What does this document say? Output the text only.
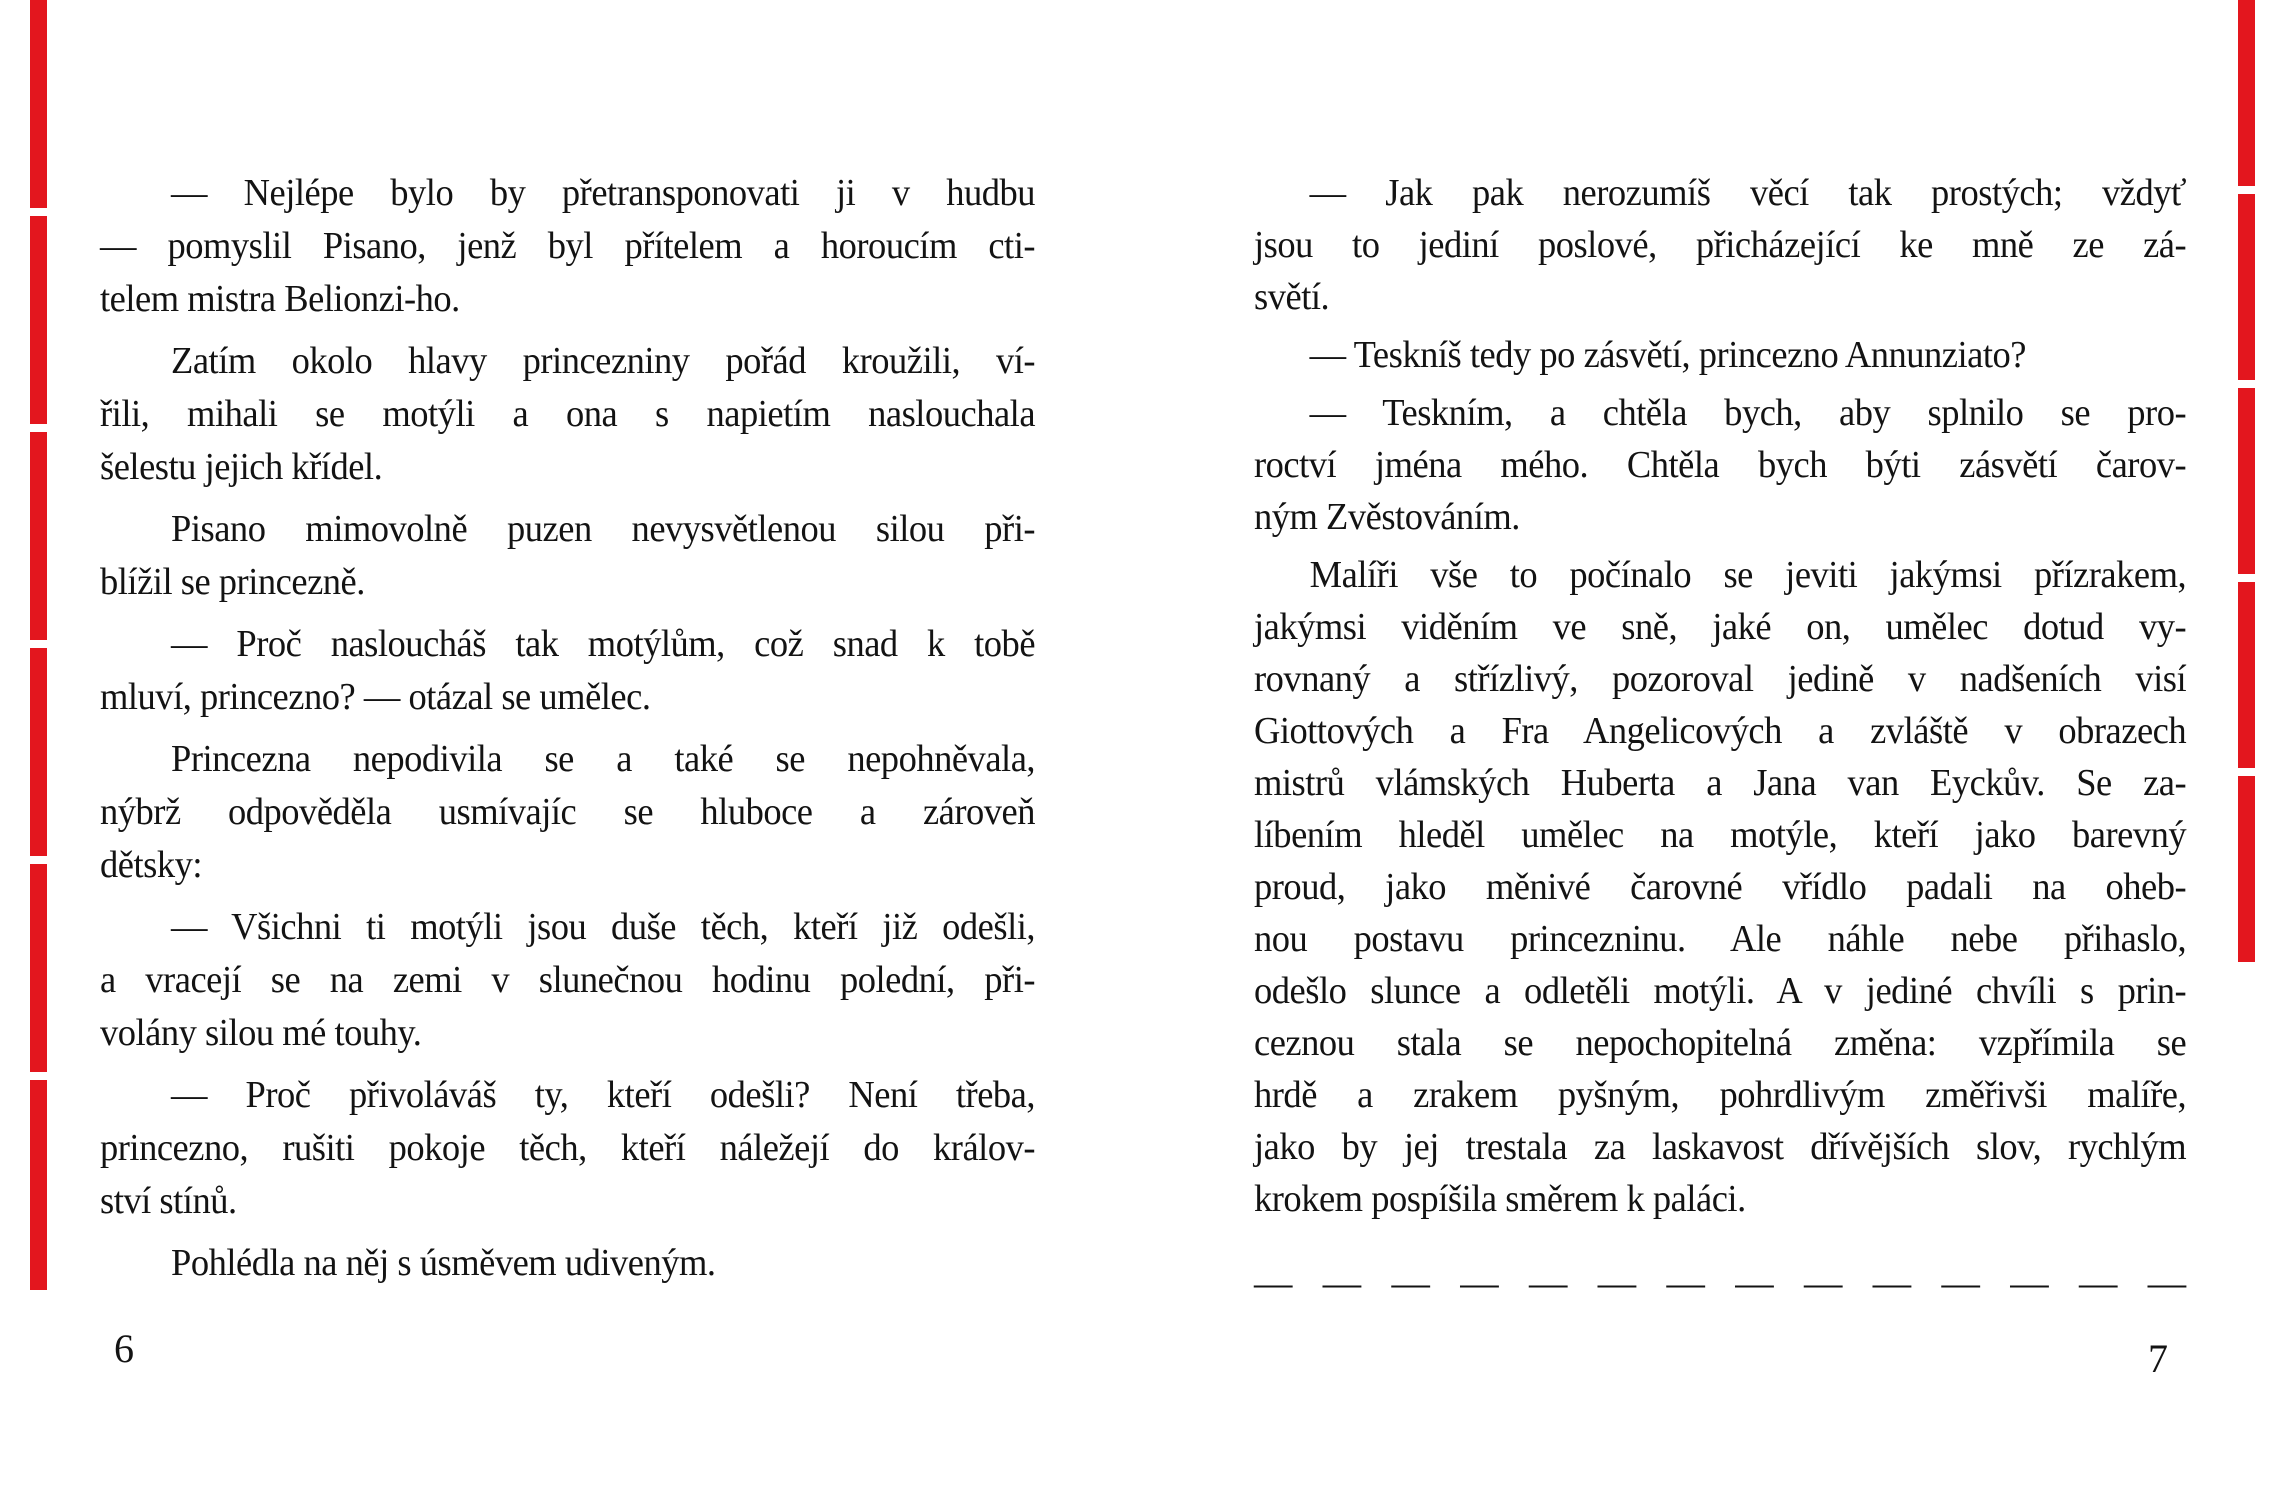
— Nejlépe bylo by přetransponovati ji v hudbu
— pomyslil Pisano, jenž byl přítelem a horoucím cti-
telem mistra Belionzi-ho.

Zatím okolo hlavy princezniny pořád kroužili, ví-
řili, mihali se motýli a ona s napietím naslouchala
šelestu jejich křídel.

Pisano mimovolně puzen nevysvětlenou silou při-
blížil se princezně.

— Proč nasloucháš tak motýlům, což snad k tobě
mluví, princezno? — otázal se umělec.

Princezna nepodivila se a také se nepohněvala,
nýbrž odpověděla usmívajíc se hluboce a zároveň
dětsky:

— Všichni ti motýli jsou duše těch, kteří již odešli,
a vracejí se na zemi v slunečnou hodinu polední, při-
volány silou mé touhy.

— Proč přivoláváš ty, kteří odešli? Není třeba,
princezno, rušiti pokoje těch, kteří náležejí do králov-
ství stínů.

Pohlédla na něj s úsměvem udiveným.

— Jak pak nerozumíš věcí tak prostých; vždyť
jsou to jediní poslové, přicházející ke mně ze zá-
světí.

— Teskníš tedy po zásvětí, princezno Annunziato?

— Teskním, a chtěla bych, aby splnilo se pro-
roctví jména mého. Chtěla bych býti zásvětí čarov-
ným Zvěstováním.

Malíři vše to počínalo se jeviti jakýmsi přízrakem,
jakýmsi viděním ve sně, jaké on, umělec dotud vy-
rovnaný a střízlivý, pozoroval jedině v nadšeních visí
Giottových a Fra Angelicových a zvláště v obrazech
mistrů vlámských Huberta a Jana van Eyckův. Se za-
líbením hleděl umělec na motýle, kteří jako barevný
proud, jako měnivé čarovné vřídlo padali na oheb-
nou postavu princezninu. Ale náhle nebe přihaslo,
odešlo slunce a odletěli motýli. A v jediné chvíli s prin-
ceznou stala se nepochopitelná změna: vzpřímila se
hrdě a zrakem pyšným, pohrdlivým změřivši malíře,
jako by jej trestala za laskavost dřívějších slov, rychlým
krokem pospíšila směrem k paláci.

— — — — — — — — — — — — — —
6	7
